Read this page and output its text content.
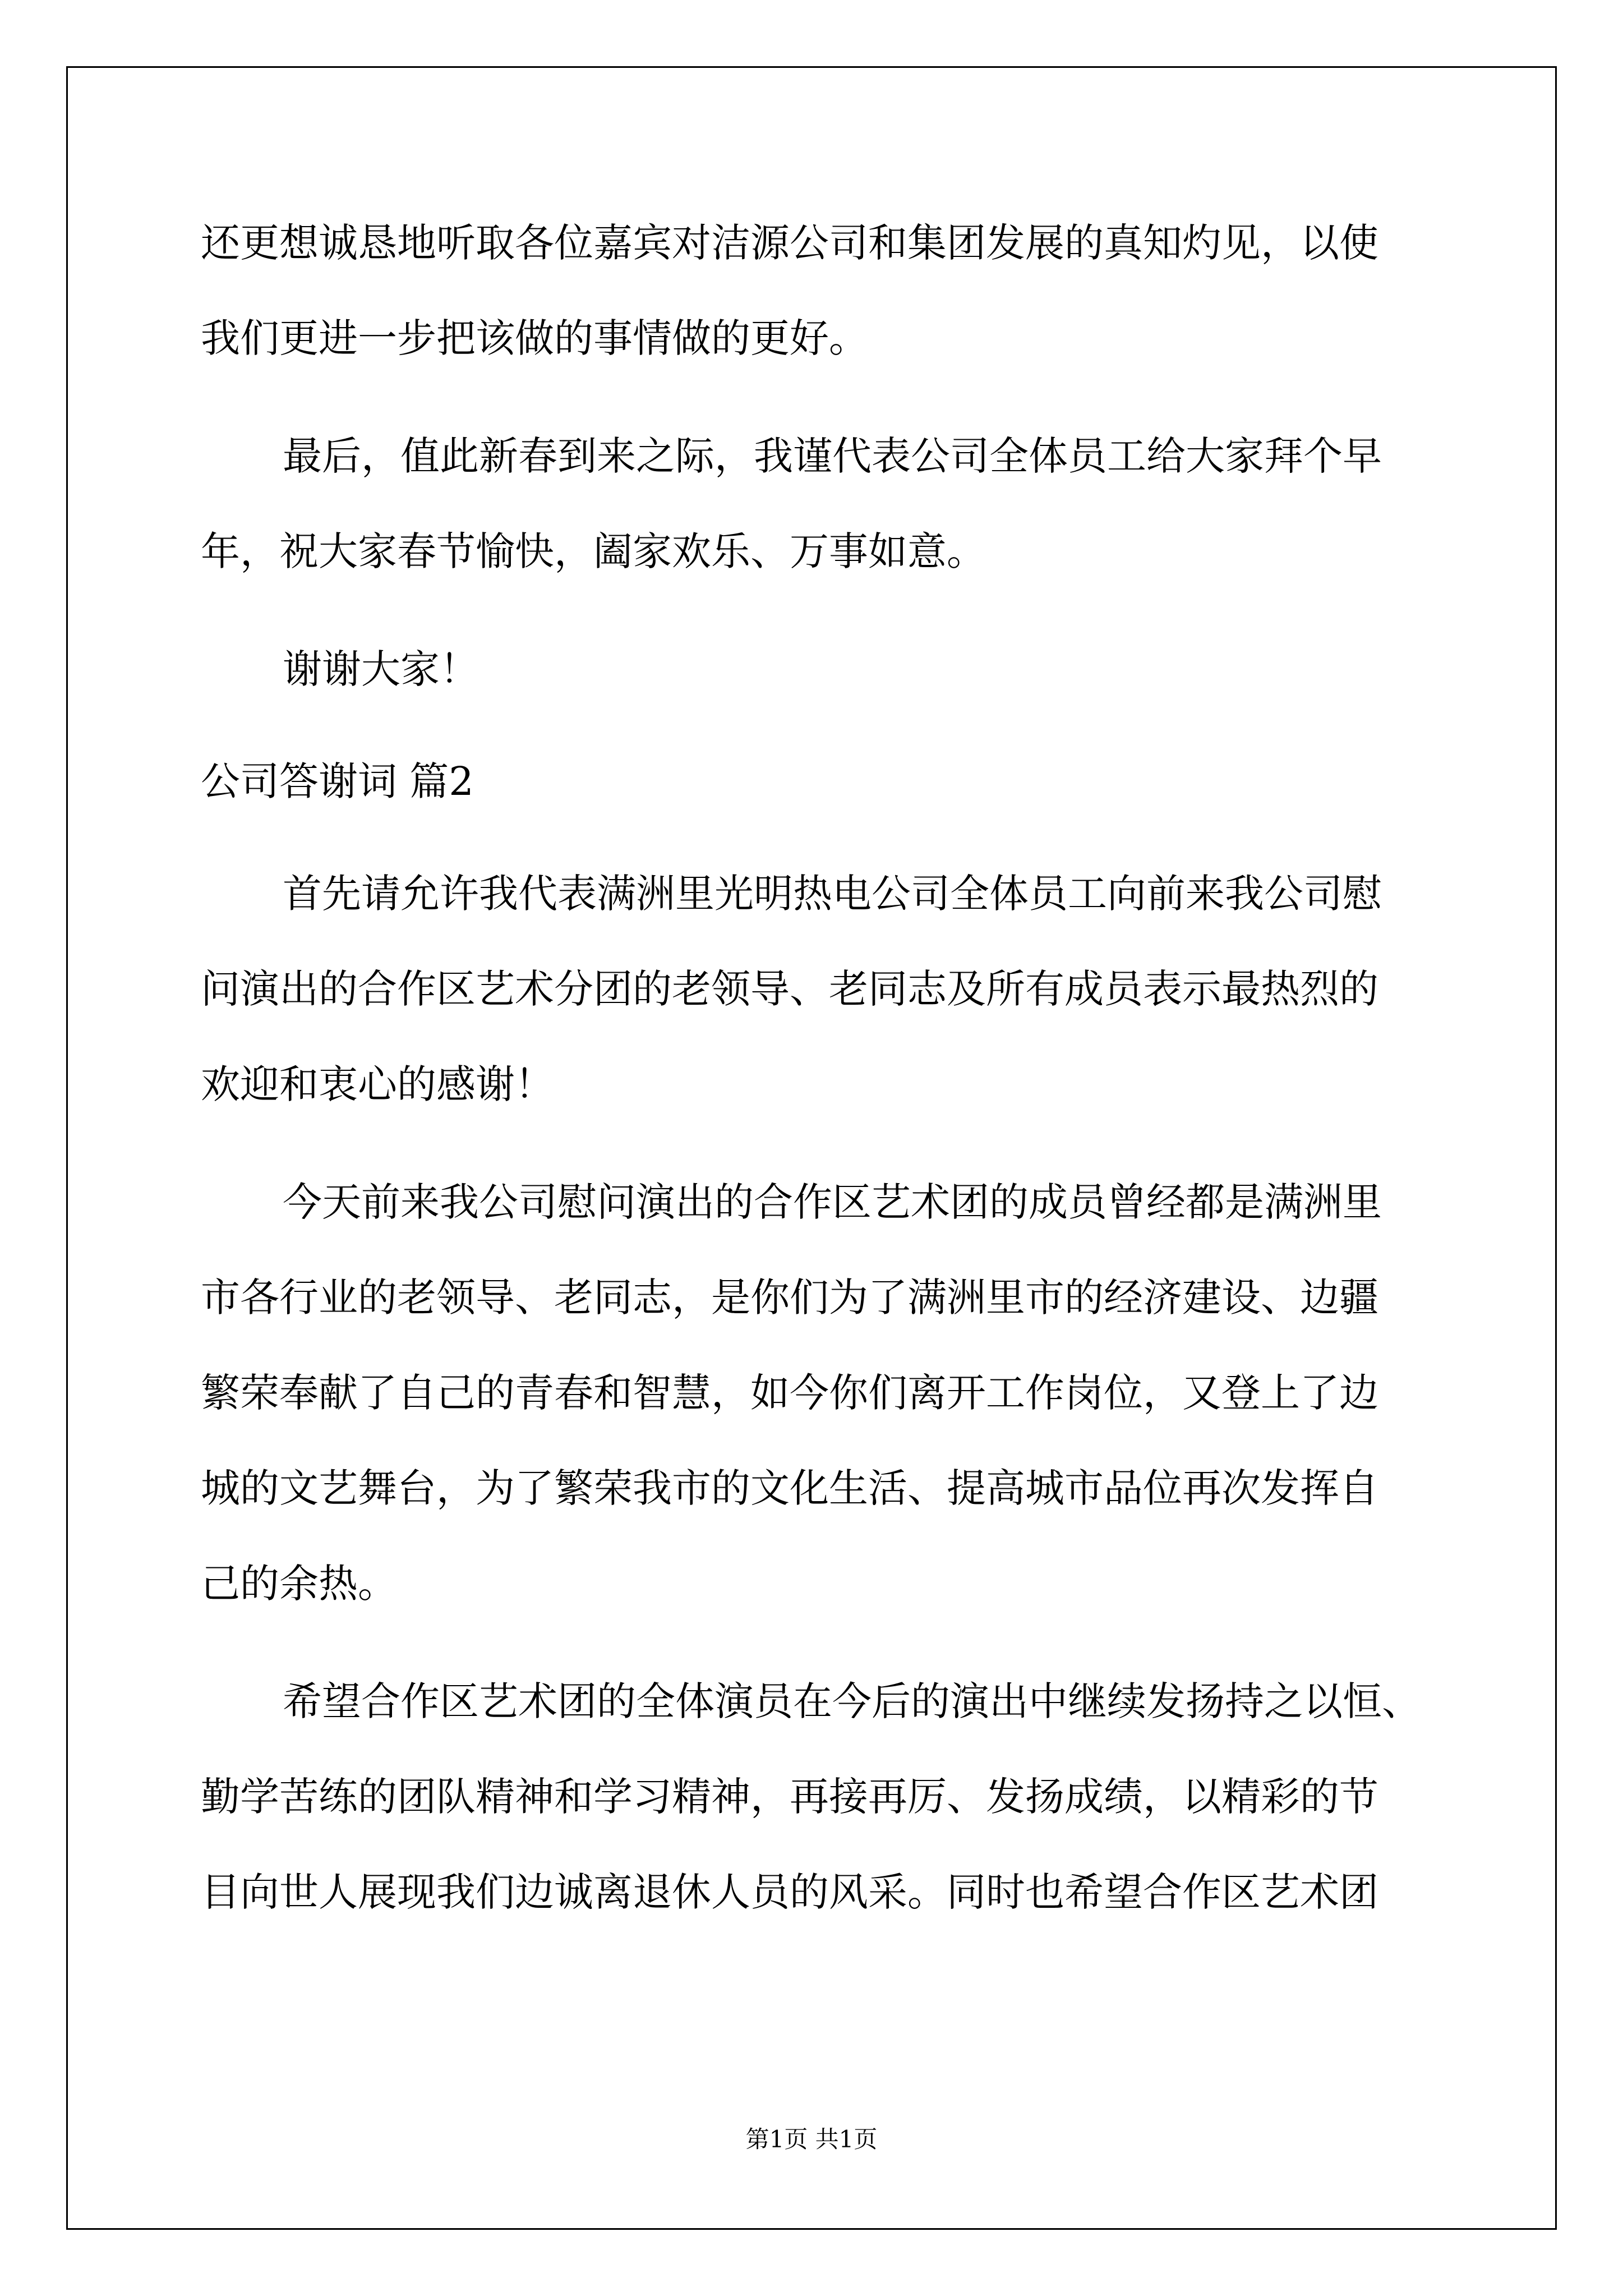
还更想诚恳地听取各位嘉宾对洁源公司和集团发展的真知灼见，以使
我们更进一步把该做的事情做的更好。
最后，值此新春到来之际，我谨代表公司全体员工给大家拜个早
年，祝大家春节愉快，阖家欢乐、万事如意。
谢谢大家！
公司答谢词 篇2
首先请允许我代表满洲里光明热电公司全体员工向前来我公司慰
问演出的合作区艺术分团的老领导、老同志及所有成员表示最热烈的
欢迎和衷心的感谢！
今天前来我公司慰问演出的合作区艺术团的成员曾经都是满洲里
市各行业的老领导、老同志，是你们为了满洲里市的经济建设、边疆
繁荣奉献了自己的青春和智慧，如今你们离开工作岗位，又登上了边
城的文艺舞台，为了繁荣我市的文化生活、提高城市品位再次发挥自
己的余热。
希望合作区艺术团的全体演员在今后的演出中继续发扬持之以恒、
勤学苦练的团队精神和学习精神，再接再厉、发扬成绩，以精彩的节
目向世人展现我们边诚离退休人员的风采。同时也希望合作区艺术团
第1页 共1页
